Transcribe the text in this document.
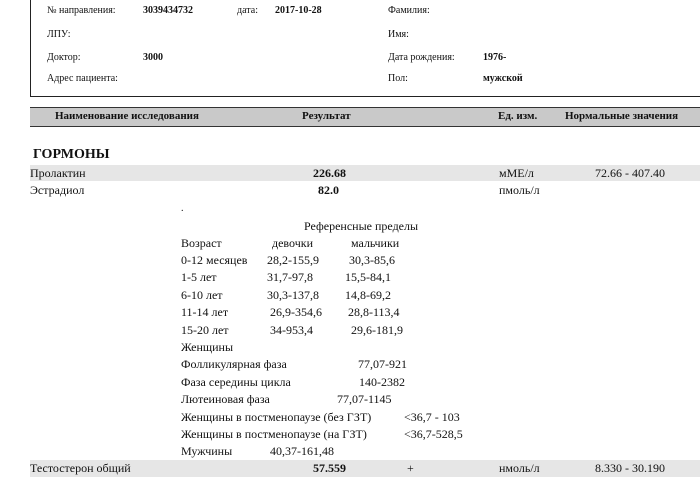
№ направления:	3039434732	дата: 2017-10-28	Фамилия:
ЛПУ:	Имя:
Доктор:	3000	Дата рождения:	1976-
Адрес пациента:	Пол:	мужской
Наименование исследования	Результат	Ед. изм.	Нормальные значения
ГОРМОНЫ
Пролактин	226.68	мМЕ/л	72.66 - 407.40
Эстрадиол	82.0	пмоль/л
.
Референсные пределы
Возраст	девочки	мальчики
0-12 месяцев 28,2-155,9	30,3-85,6
1-5 лет	31,7-97,8	15,5-84,1
6-10 лет	30,3-137,8 14,8-69,2
11-14 лет	26,9-354,6 28,8-113,4
15-20 лет	34-953,4	29,6-181,9
Женщины
Фолликулярная фаза	77,07-921
Фаза середины цикла	140-2382
Лютеиновая фаза	77,07-1145
Женщины в постменопаузе (без ГЗТ)	<36,7 - 103
Женщины в постменопаузе (на ГЗТ)	<36,7-528,5
Мужчины	40,37-161,48
Тестостерон общий	57.559	+	нмоль/л	8.330 - 30.190
